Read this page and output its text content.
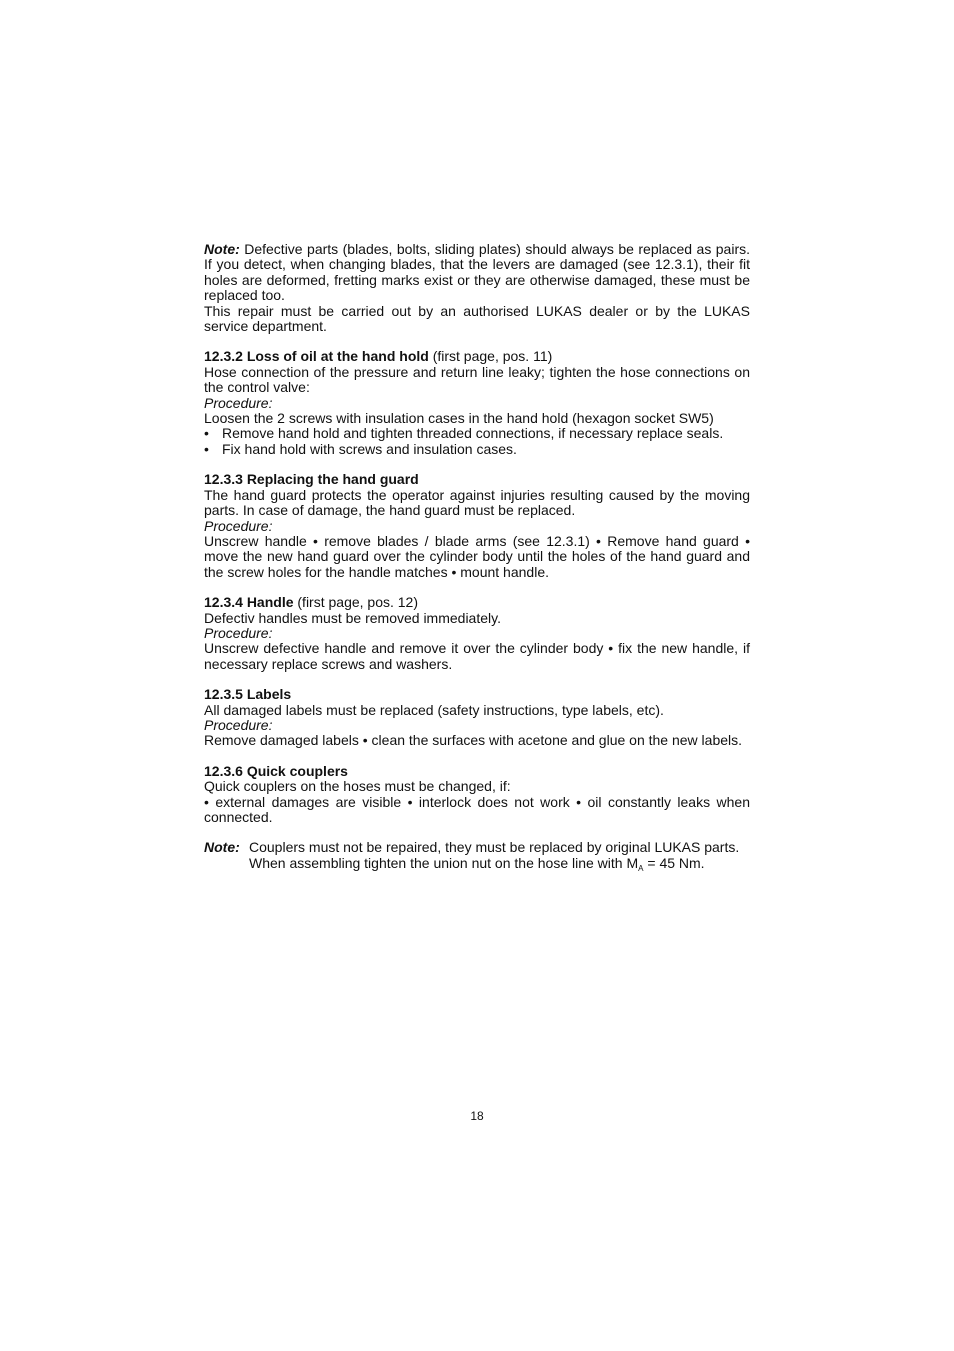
Note: Defective parts (blades, bolts, sliding plates) should always be replaced as pairs. If you detect, when changing blades, that the levers are damaged (see 12.3.1), their fit holes are deformed, fretting marks exist or they are otherwise damaged, these must be replaced too.

This repair must be carried out by an authorised LUKAS dealer or by the LUKAS service department.

12.3.2 Loss of oil at the hand hold (first page, pos. 11)

Hose connection of the pressure and return line leaky; tighten the hose connections on the control valve:

Procedure:

Loosen the 2 screws with insulation cases in the hand hold (hexagon socket SW5)

• Remove hand hold and tighten threaded connections, if necessary replace seals.
• Fix hand hold with screws and insulation cases.

12.3.3 Replacing the hand guard

The hand guard protects the operator against injuries resulting caused by the moving parts. In case of damage, the hand guard must be replaced.

Procedure:

Unscrew handle • remove blades / blade arms (see 12.3.1) • Remove hand guard • move the new hand guard over the cylinder body until the holes of the hand guard and the screw holes for the handle matches • mount handle.

12.3.4 Handle (first page, pos. 12)

Defectiv handles must be removed immediately.

Procedure:

Unscrew defective handle and remove it over the cylinder body • fix the new handle, if necessary replace screws and washers.

12.3.5 Labels

All damaged labels must be replaced (safety instructions, type labels, etc).

Procedure:

Remove damaged labels • clean the surfaces with acetone and glue on the new labels.

12.3.6 Quick couplers

Quick couplers on the hoses must be changed, if:

• external damages are visible • interlock does not work • oil constantly leaks when connected.

Note: Couplers must not be repaired, they must be replaced by original LUKAS parts.

When assembling tighten the union nut on the hose line with $M_A = 45$ Nm.

18
